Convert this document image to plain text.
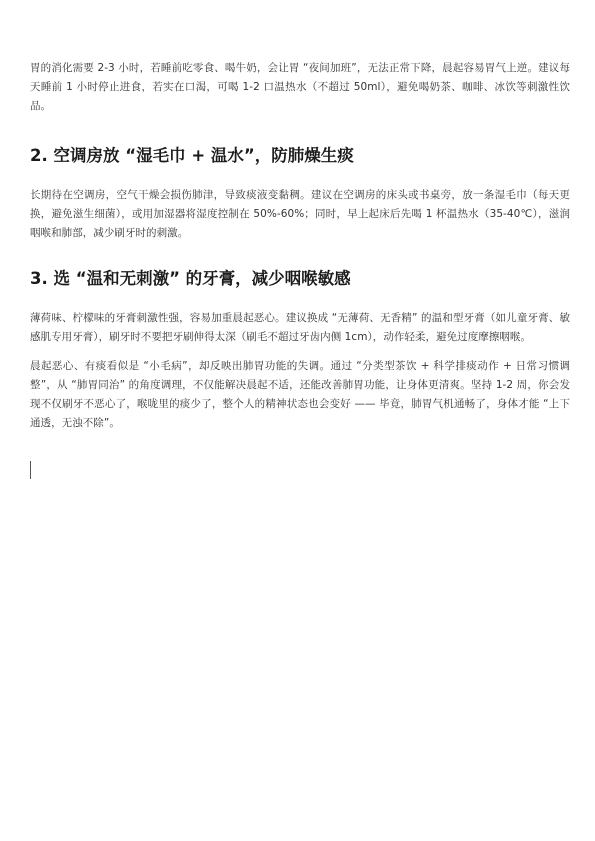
胃的消化需要 2-3 小时，若睡前吃零食、喝牛奶，会让胃 “夜间加班”，无法正常下降，晨起容易胃气上逆。建议每天睡前 1 小时停止进食，若实在口渴，可喝 1-2 口温热水（不超过 50ml），避免喝奶茶、咖啡、冰饮等刺激性饮品。

2. 空调房放 “湿毛巾 + 温水”，防肺燥生痰

长期待在空调房，空气干燥会损伤肺津，导致痰液变黏稠。建议在空调房的床头或书桌旁，放一条湿毛巾（每天更换，避免滋生细菌），或用加湿器将湿度控制在 50%-60%；同时，早上起床后先喝 1 杯温热水（35-40℃），滋润咽喉和肺部，减少刷牙时的刺激。

3. 选 “温和无刺激” 的牙膏，减少咽喉敏感

薄荷味、柠檬味的牙膏刺激性强，容易加重晨起恶心。建议换成 “无薄荷、无香精” 的温和型牙膏（如儿童牙膏、敏感肌专用牙膏），刷牙时不要把牙刷伸得太深（刷毛不超过牙齿内侧 1cm），动作轻柔，避免过度摩擦咽喉。

晨起恶心、有痰看似是 “小毛病”，却反映出肺胃功能的失调。通过 “分类型茶饮 + 科学排痰动作 + 日常习惯调整”，从 “肺胃同治” 的角度调理，不仅能解决晨起不适，还能改善肺胃功能，让身体更清爽。坚持 1-2 周，你会发现不仅刷牙不恶心了，喉咙里的痰少了，整个人的精神状态也会变好 —— 毕竟，肺胃气机通畅了，身体才能 “上下通透，无浊不除”。
